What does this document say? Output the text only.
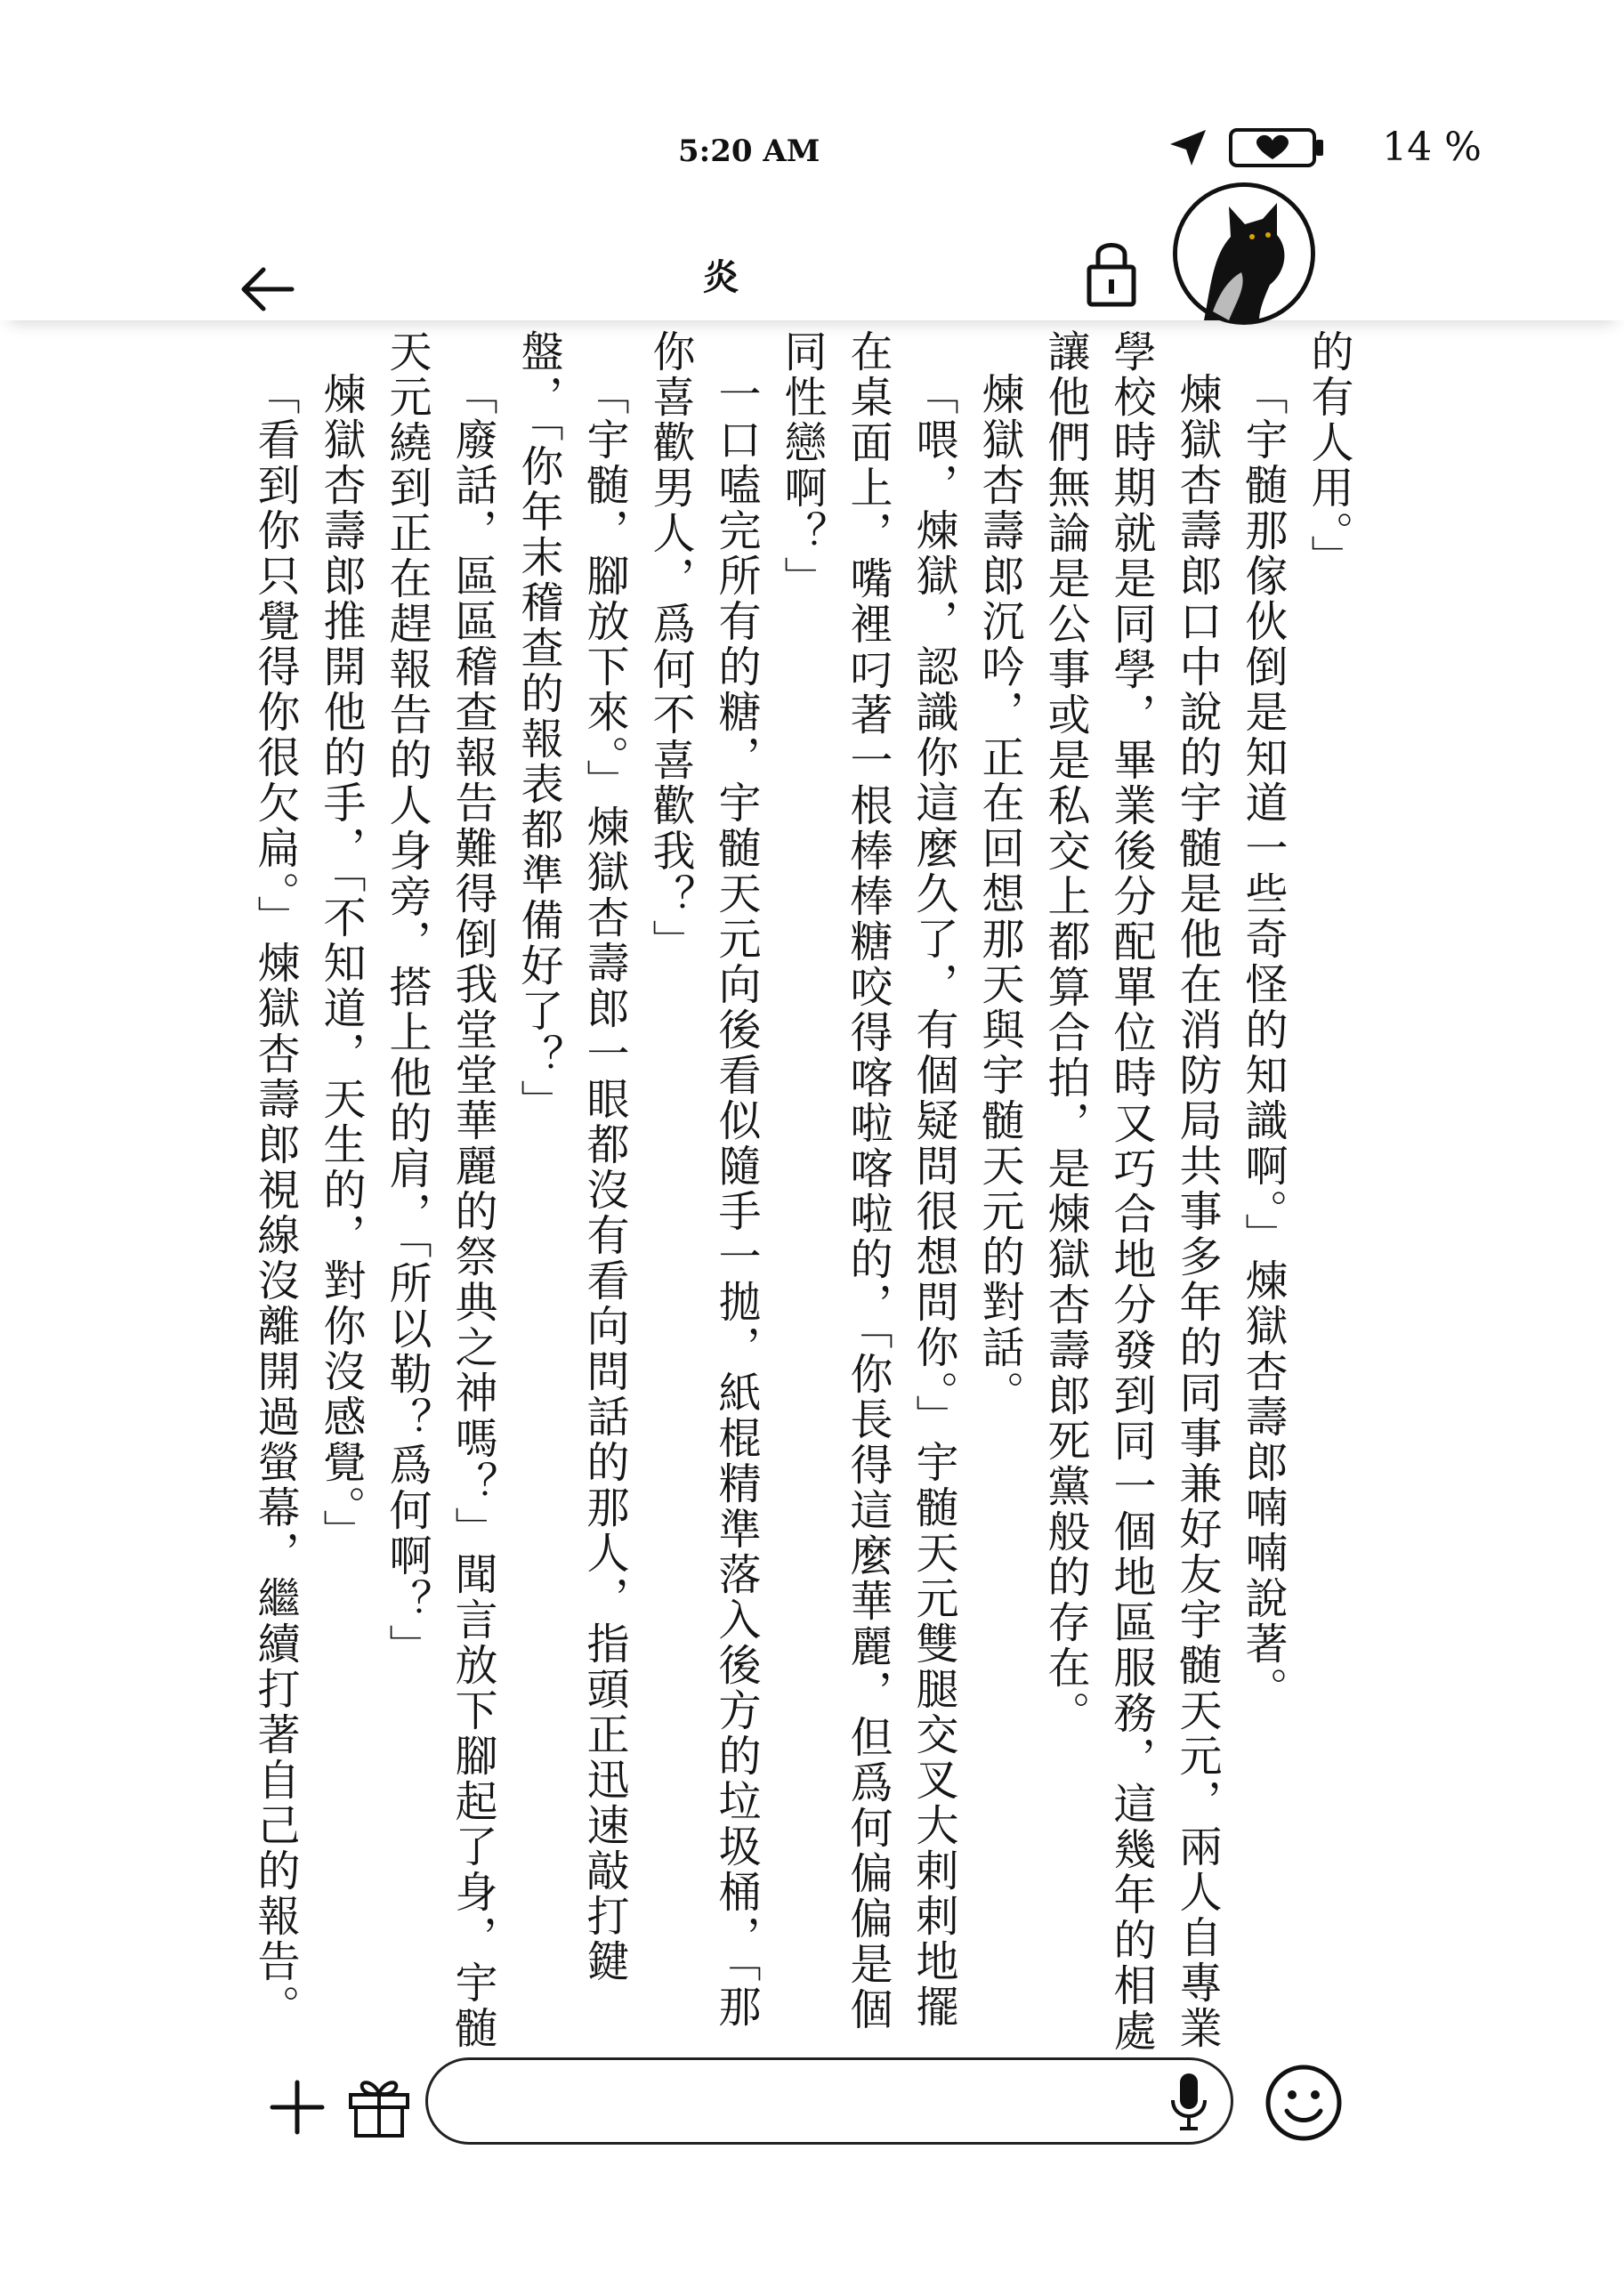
5:20 AM	14 %
炎

的有人用。」

「宇髄那傢伙倒是知道一些奇怪的知識啊。」煉獄杏壽郎喃喃說著。

煉獄杏壽郎口中說的宇髄是他在消防局共事多年的同事兼好友宇髄天元，兩人自專業學校時期就是同學，畢業後分配單位時又巧合地分發到同一個地區服務，這幾年的相處讓他們無論是公事或是私交上都算合拍，是煉獄杏壽郎死黨般的存在。

煉獄杏壽郎沉吟，正在回想那天與宇髄天元的對話。

「喂，煉獄，認識你這麼久了，有個疑問很想問你。」宇髄天元雙腿交叉大剌剌地擺在桌面上，嘴裡叼著一根棒棒糖咬得喀啦喀啦的，「你長得這麼華麗，但爲何偏偏是個同性戀啊？」

一口嗑完所有的糖，宇髄天元向後看似隨手一拋，紙棍精準落入後方的垃圾桶，「那你喜歡男人，爲何不喜歡我？」

「宇髄，腳放下來。」煉獄杏壽郎一眼都沒有看向問話的那人，指頭正迅速敲打鍵盤，「你年末稽查的報表都準備好了？」

「廢話，區區稽查報告難得倒我堂堂華麗的祭典之神嗎？」聞言放下腳起了身，宇髄天元繞到正在趕報告的人身旁，搭上他的肩，「所以勒？爲何啊？」

煉獄杏壽郎推開他的手，「不知道，天生的，對你沒感覺。」

「看到你只覺得你很欠扁。」煉獄杏壽郎視線沒離開過螢幕，繼續打著自己的報告。
